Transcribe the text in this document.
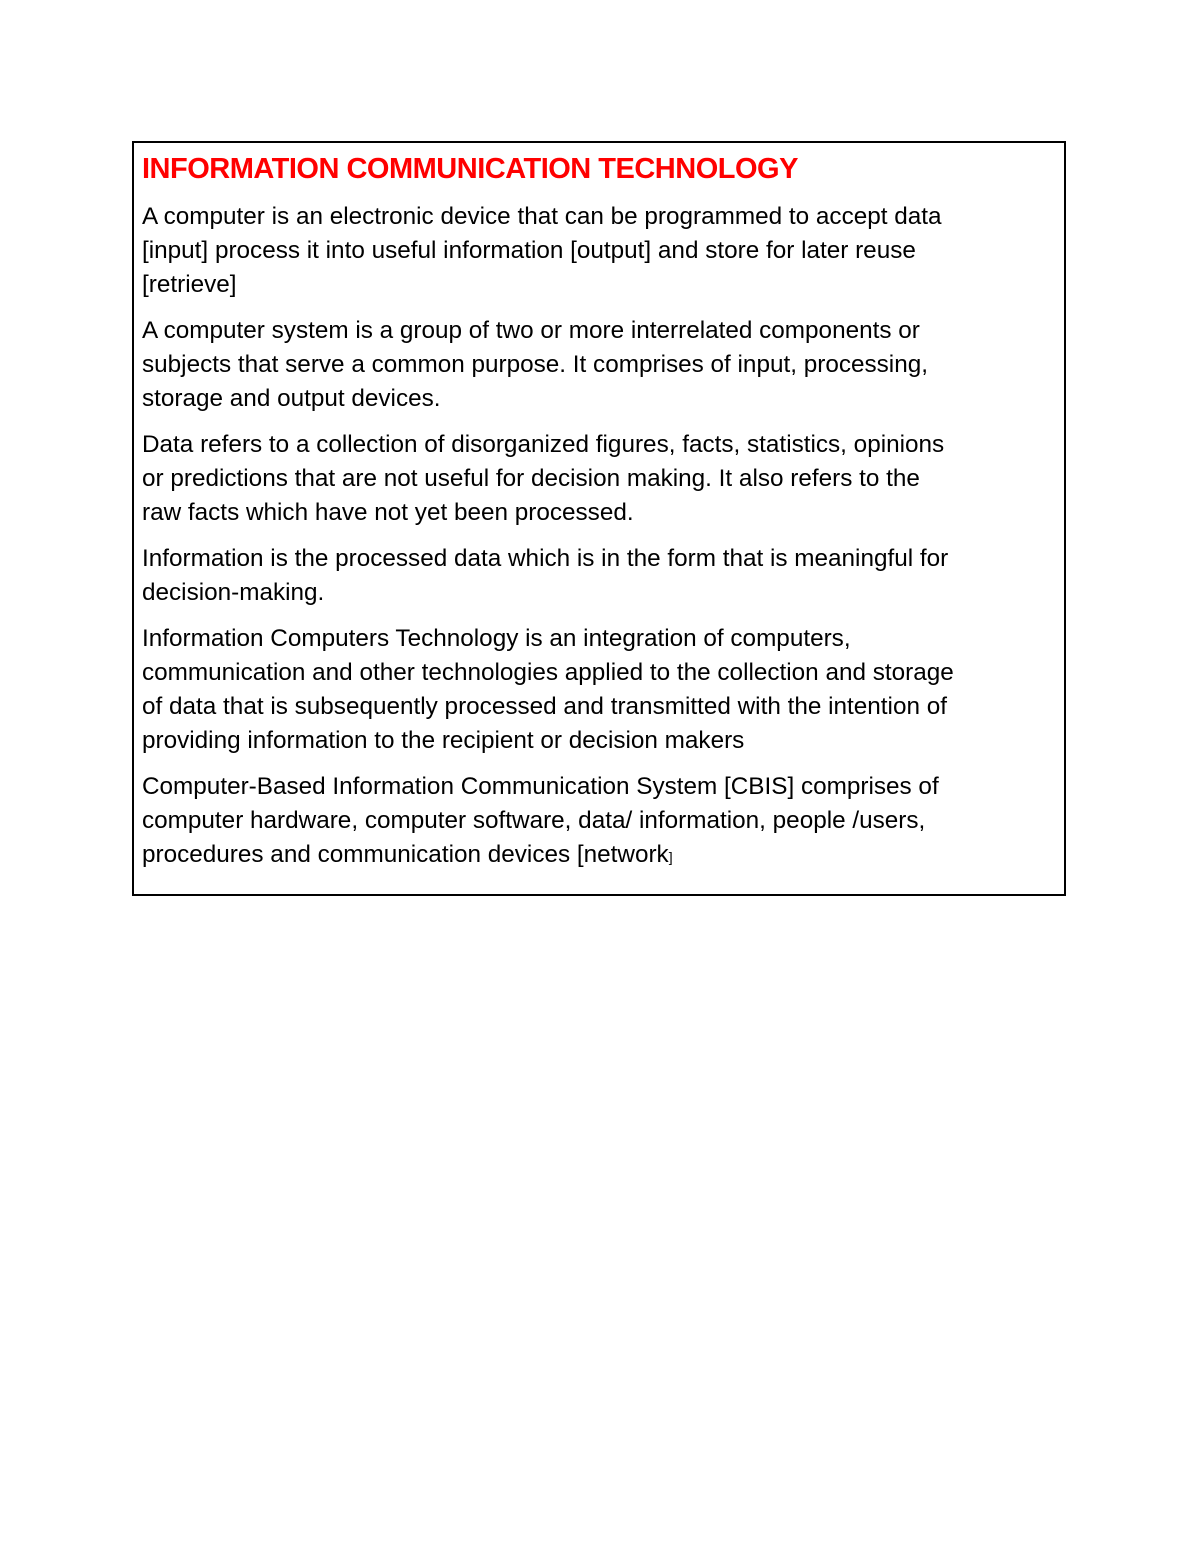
INFORMATION COMMUNICATION TECHNOLOGY

A computer is an electronic device that can be programmed to accept data
[input] process it into useful information [output] and store for later reuse
[retrieve]

A computer system is a group of two or more interrelated components or
subjects that serve a common purpose. It comprises of input, processing,
storage and output devices.

Data refers to a collection of disorganized figures, facts, statistics, opinions
or predictions that are not useful for decision making. It also refers to the
raw facts which have not yet been processed.

Information is the processed data which is in the form that is meaningful for
decision-making.

Information Computers Technology is an integration of computers,
communication and other technologies applied to the collection and storage
of data that is subsequently processed and transmitted with the intention of
providing information to the recipient or decision makers

Computer-Based Information Communication System [CBIS] comprises of
computer hardware, computer software, data/ information, people /users,
procedures and communication devices [network]
